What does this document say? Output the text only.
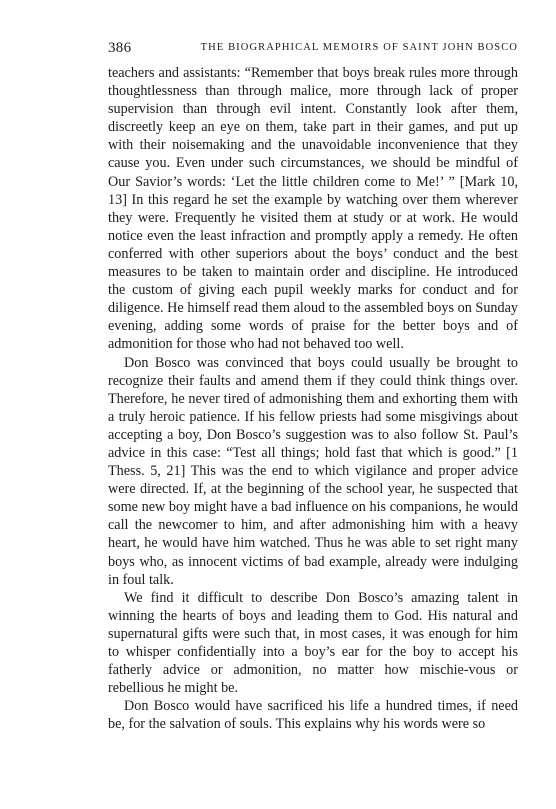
386	THE BIOGRAPHICAL MEMOIRS OF SAINT JOHN BOSCO

teachers and assistants: “Remember that boys break rules more through thoughtlessness than through malice, more through lack of proper supervision than through evil intent. Constantly look after them, discreetly keep an eye on them, take part in their games, and put up with their noisemaking and the unavoidable inconvenience that they cause you. Even under such circumstances, we should be mindful of Our Savior’s words: ‘Let the little children come to Me!’ ” [Mark 10, 13] In this regard he set the example by watching over them wherever they were. Frequently he visited them at study or at work. He would notice even the least infraction and promptly apply a remedy. He often conferred with other superiors about the boys’ conduct and the best measures to be taken to maintain order and discipline. He introduced the custom of giving each pupil weekly marks for conduct and for diligence. He himself read them aloud to the assembled boys on Sunday evening, adding some words of praise for the better boys and of admonition for those who had not behaved too well.

Don Bosco was convinced that boys could usually be brought to recognize their faults and amend them if they could think things over. Therefore, he never tired of admonishing them and exhorting them with a truly heroic patience. If his fellow priests had some misgivings about accepting a boy, Don Bosco’s suggestion was to also follow St. Paul’s advice in this case: “Test all things; hold fast that which is good.” [1 Thess. 5, 21] This was the end to which vigilance and proper advice were directed. If, at the beginning of the school year, he suspected that some new boy might have a bad influence on his companions, he would call the newcomer to him, and after admonishing him with a heavy heart, he would have him watched. Thus he was able to set right many boys who, as innocent victims of bad example, already were indulging in foul talk.

We find it difficult to describe Don Bosco’s amazing talent in winning the hearts of boys and leading them to God. His natural and supernatural gifts were such that, in most cases, it was enough for him to whisper confidentially into a boy’s ear for the boy to accept his fatherly advice or admonition, no matter how mischie-vous or rebellious he might be.

Don Bosco would have sacrificed his life a hundred times, if need be, for the salvation of souls. This explains why his words were so
